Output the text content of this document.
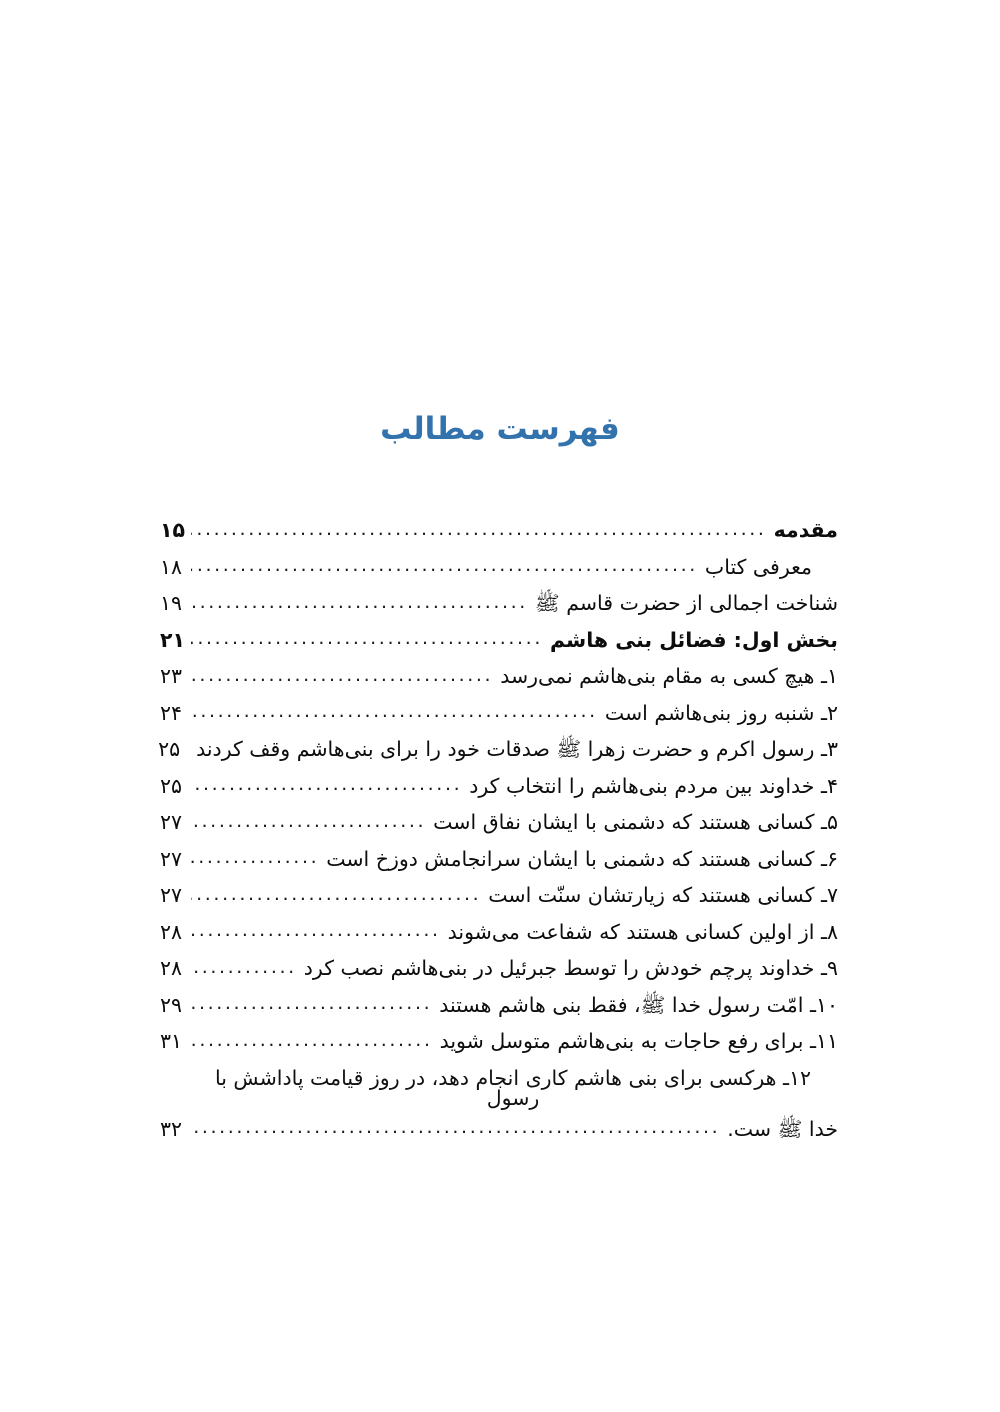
فهرست مطالب
مقدمه
.....
۱۵
معرفی کتاب
.....
۱۸
شناخت اجمالی از حضرت قاسم ﷺ
.....
۱۹
بخش اول: فضائل بنی هاشم
.....
۲۱
۱ـ هیچ کسی به مقام بنی‌هاشم نمی‌رسد
.....
۲۳
۲ـ شنبه روز بنی‌هاشم است
.....
۲۴
۳ـ رسول اکرم و حضرت زهرا ﷺ صدقات خود را برای بنی‌هاشم وقف کردند
۲۵
۴ـ خداوند بین مردم بنی‌هاشم را انتخاب کرد
.....
۲۵
۵ـ کسانی هستند که دشمنی با ایشان نفاق است
.....
۲۷
۶ـ کسانی هستند که دشمنی با ایشان سرانجامش دوزخ است
.....
۲۷
۷ـ کسانی هستند که زیارتشان سنّت است
.....
۲۷
۸ـ از اولین کسانی هستند که شفاعت می‌شوند
.....
۲۸
۹ـ خداوند پرچم خودش را توسط جبرئیل در بنی‌هاشم نصب کرد
.....
۲۸
۱۰ـ امّت رسول خدا ﷺ، فقط بنی هاشم هستند
.....
۲۹
۱۱ـ برای رفع حاجات به بنی‌هاشم متوسل شوید
.....
۳۱
۱۲ـ هرکسی برای بنی هاشم کاری انجام دهد، در روز قیامت پاداشش با رسول
خدا ﷺ ست.
.....
۳۲
